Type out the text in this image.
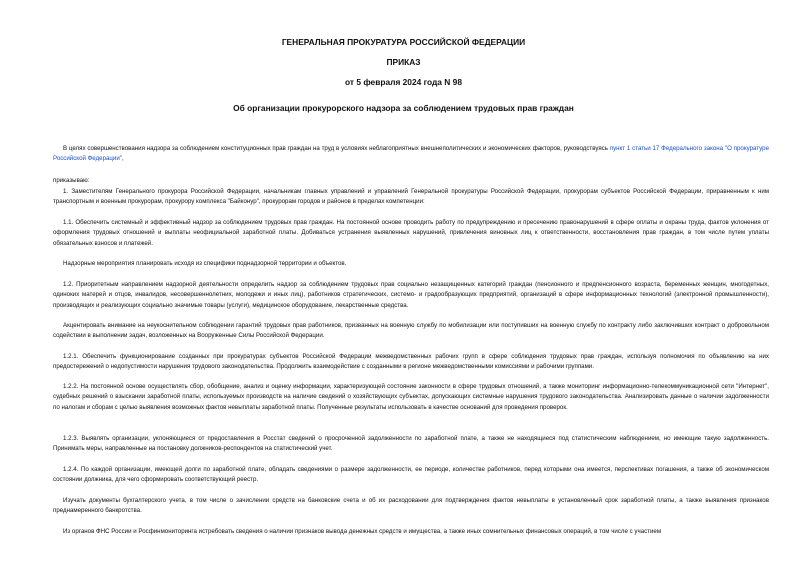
ГЕНЕРАЛЬНАЯ ПРОКУРАТУРА РОССИЙСКОЙ ФЕДЕРАЦИИ
ПРИКАЗ
от 5 февраля 2024 года N 98
Об организации прокурорского надзора за соблюдением трудовых прав граждан

В целях совершенствования надзора за соблюдением конституционных прав граждан на труд в условиях неблагоприятных внешнеполитических и экономических факторов, руководствуясь пункт 1 статьи 17 Федерального закона "О прокуратуре Российской Федерации",

приказываю:

1. Заместителям Генерального прокурора Российской Федерации, начальникам главных управлений и управлений Генеральной прокуратуры Российской Федерации, прокурорам субъектов Российской Федерации, приравненным к ним транспортным и военным прокурорам, прокурору комплекса "Байконур", прокурорам городов и районов в пределах компетенции:

1.1. Обеспечить системный и эффективный надзор за соблюдением трудовых прав граждан. На постоянной основе проводить работу по предупреждению и пресечению правонарушений в сфере оплаты и охраны труда, фактов уклонения от оформления трудовых отношений и выплаты неофициальной заработной платы. Добиваться устранения выявленных нарушений, привлечения виновных лиц к ответственности, восстановления прав граждан, в том числе путем уплаты обязательных взносов и платежей.

Надзорные мероприятия планировать исходя из специфики поднадзорной территории и объектов.

1.2. Приоритетным направлением надзорной деятельности определить надзор за соблюдением трудовых прав социально незащищенных категорий граждан (пенсионного и предпенсионного возраста, беременных женщин, многодетных, одиноких матерей и отцов, инвалидов, несовершеннолетних, молодежи и иных лиц), работников стратегических, системо- и градообразующих предприятий, организаций в сфере информационных технологий (электронной промышленности), производящих и реализующих социально значимые товары (услуги), медицинское оборудование, лекарственные средства.

Акцентировать внимание на неукоснительном соблюдении гарантий трудовых прав работников, призванных на военную службу по мобилизации или поступивших на военную службу по контракту либо заключивших контракт о добровольном содействии в выполнении задач, возложенных на Вооруженные Силы Российской Федерации.

1.2.1. Обеспечить функционирование созданных при прокуратурах субъектов Российской Федерации межведомственных рабочих групп в сфере соблюдения трудовых прав граждан, используя полномочия по объявлению на них предостережений о недопустимости нарушения трудового законодательства. Продолжить взаимодействие с созданными в регионе межведомственными комиссиями и рабочими группами.

1.2.2. На постоянной основе осуществлять сбор, обобщение, анализ и оценку информации, характеризующей состояние законности в сфере трудовых отношений, а также мониторинг информационно-телекоммуникационной сети "Интернет", судебных решений о взыскании заработной платы, используемых производств на наличие сведений о хозяйствующих субъектах, допускающих системные нарушения трудового законодательства. Анализировать данные о наличии задолженности по налогам и сборам с целью выявления возможных фактов невыплаты заработной платы. Полученные результаты использовать в качестве оснований для проведения проверок.

1.2.3. Выявлять организации, уклоняющиеся от предоставления в Росстат сведений о просроченной задолженности по заработной плате, а также не находящиеся под статистическим наблюдением, но имеющие такую задолженность. Принимать меры, направленные на постановку должников-респондентов на статистический учет.

1.2.4. По каждой организации, имеющей долги по заработной плате, обладать сведениями о размере задолженности, ее периоде, количестве работников, перед которыми она имеется, перспективах погашения, а также об экономическом состоянии должника, для чего сформировать соответствующий реестр.

Изучать документы бухгалтерского учета, в том числе о зачислении средств на банковские счета и об их расходовании для подтверждения фактов невыплаты в установленный срок заработной платы, а также выявления признаков преднамеренного банкротства.

Из органов ФНС России и Росфинмониторинга истребовать сведения о наличии признаков вывода денежных средств и имущества, а также иных сомнительных финансовых операций, в том числе с участием
